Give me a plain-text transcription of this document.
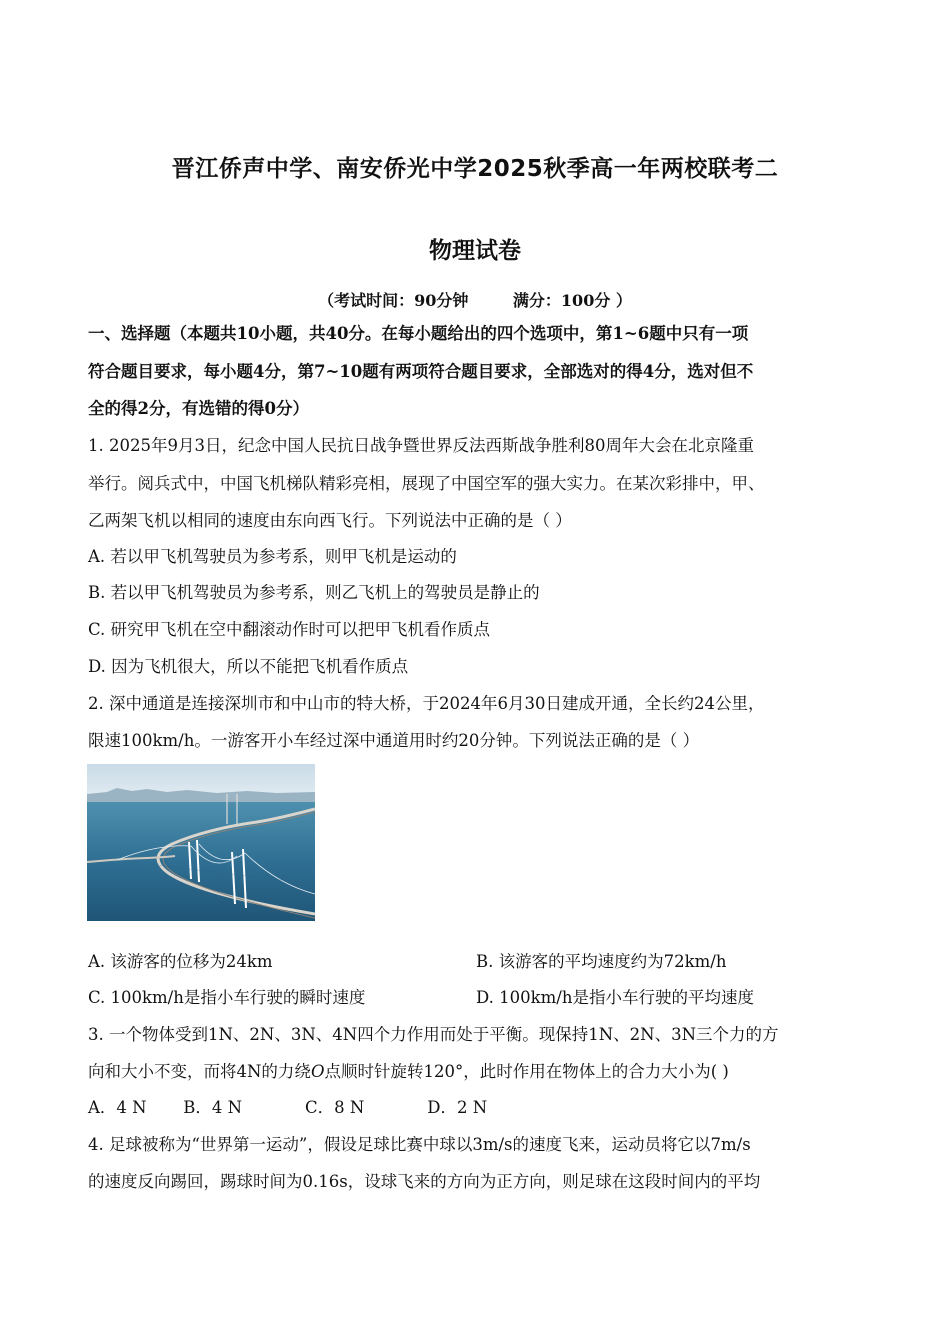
晋江侨声中学、南安侨光中学2025秋季高一年两校联考二
物理试卷
（考试时间：90分钟        满分：100分 ）
一、选择题（本题共10小题，共40分。在每小题给出的四个选项中，第1~6题中只有一项
符合题目要求，每小题4分，第7~10题有两项符合题目要求，全部选对的得4分，选对但不
全的得2分，有选错的得0分）
1. 2025年9月3日，纪念中国人民抗日战争暨世界反法西斯战争胜利80周年大会在北京隆重
举行。阅兵式中，中国飞机梯队精彩亮相，展现了中国空军的强大实力。在某次彩排中，甲、
乙两架飞机以相同的速度由东向西飞行。下列说法中正确的是（ ）
A. 若以甲飞机驾驶员为参考系，则甲飞机是运动的
B. 若以甲飞机驾驶员为参考系，则乙飞机上的驾驶员是静止的
C. 研究甲飞机在空中翻滚动作时可以把甲飞机看作质点
D. 因为飞机很大，所以不能把飞机看作质点
2. 深中通道是连接深圳市和中山市的特大桥，于2024年6月30日建成开通，全长约24公里，
限速100km/h。一游客开小车经过深中通道用时约20分钟。下列说法正确的是（ ）
A. 该游客的位移为24km	B. 该游客的平均速度约为72km/h
C. 100km/h是指小车行驶的瞬时速度	D. 100km/h是指小车行驶的平均速度
3. 一个物体受到1N、2N、3N、4N四个力作用而处于平衡。现保持1N、2N、3N三个力的方
向和大小不变，而将4N的力绕O点顺时针旋转120°，此时作用在物体上的合力大小为( )
A．4 N       B．4 N            C．8 N            D．2 N
4. 足球被称为“世界第一运动”，假设足球比赛中球以3m/s的速度飞来，运动员将它以7m/s
的速度反向踢回，踢球时间为0.16s，设球飞来的方向为正方向，则足球在这段时间内的平均
